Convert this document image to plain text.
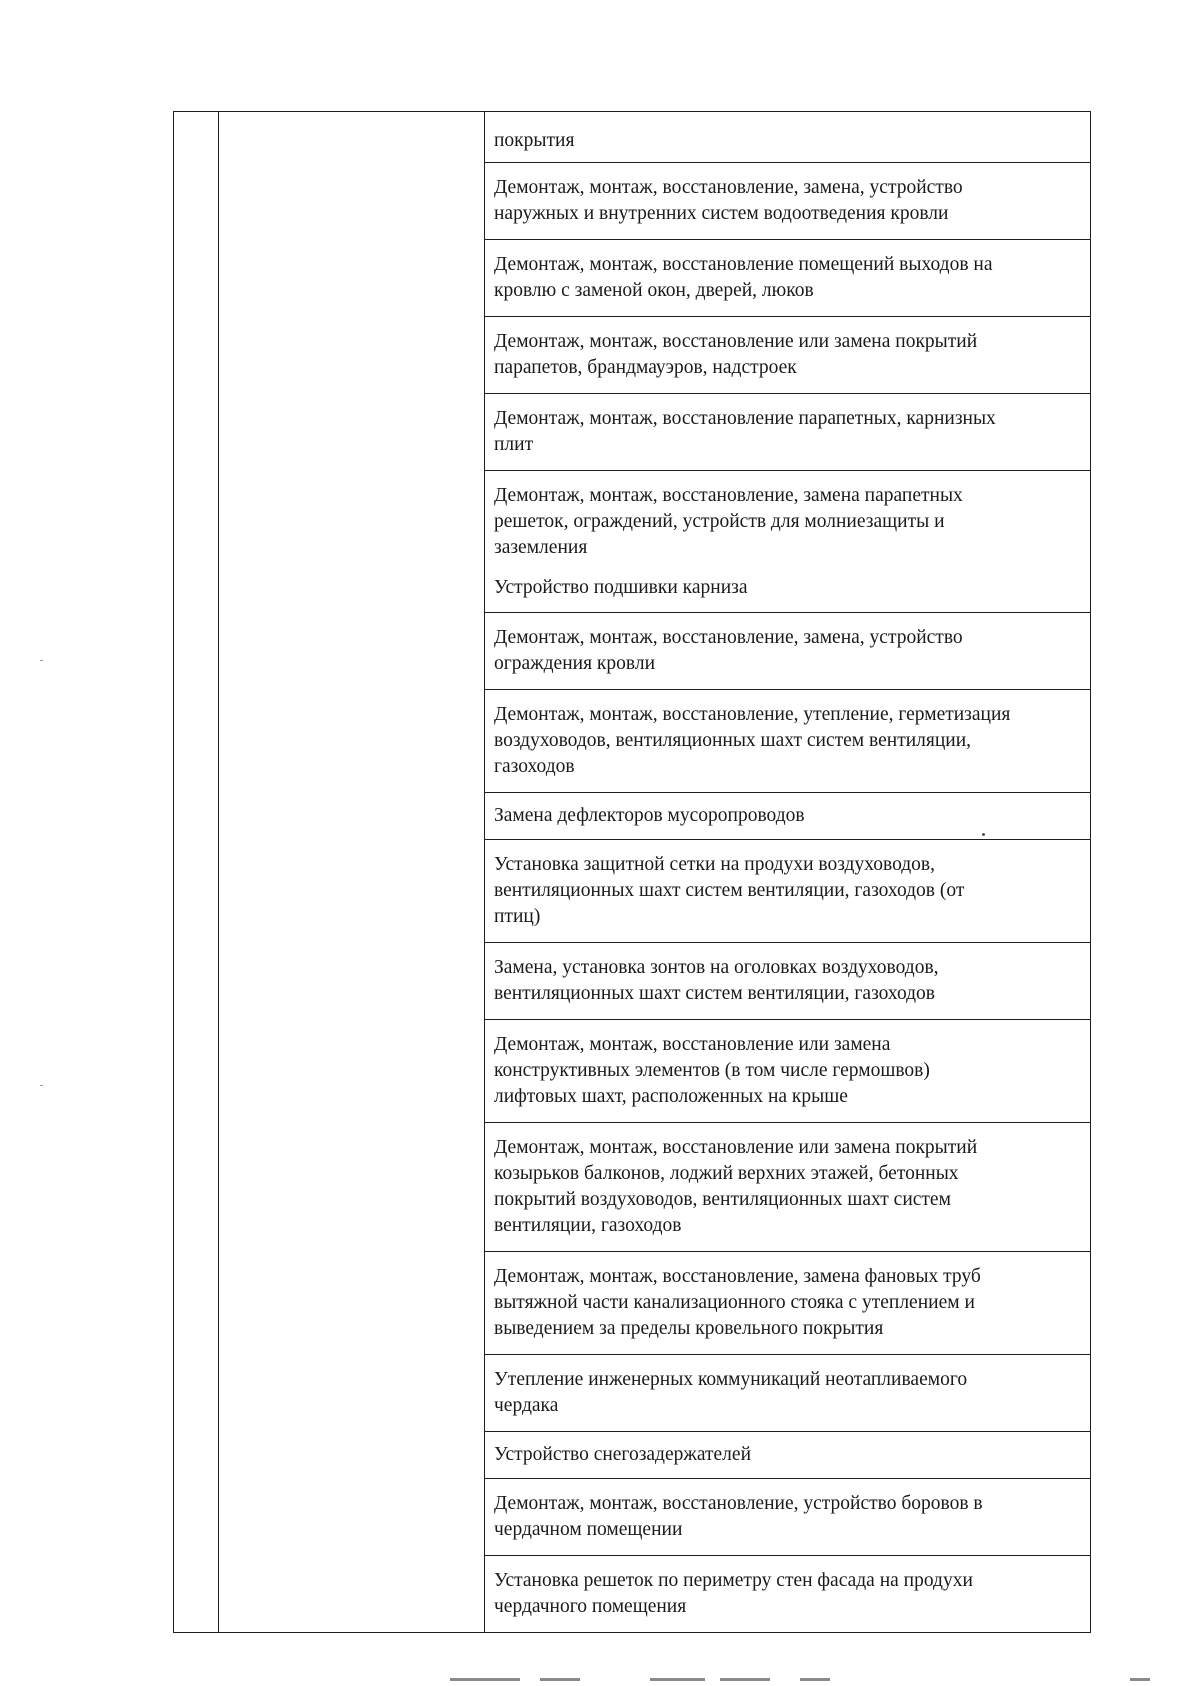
покрытия
Демонтаж, монтаж, восстановление, замена, устройство
наружных и внутренних систем водоотведения кровли
Демонтаж, монтаж, восстановление помещений выходов на
кровлю с заменой окон, дверей, люков
Демонтаж, монтаж, восстановление или замена покрытий
парапетов, брандмауэров, надстроек
Демонтаж, монтаж, восстановление парапетных, карнизных
плит
Демонтаж, монтаж, восстановление, замена парапетных
решеток, ограждений, устройств для молниезащиты и
заземления
Устройство подшивки карниза
Демонтаж, монтаж, восстановление, замена, устройство
ограждения кровли
Демонтаж, монтаж, восстановление, утепление, герметизация
воздуховодов, вентиляционных шахт систем вентиляции,
газоходов
Замена дефлекторов мусоропроводов
Установка защитной сетки на продухи воздуховодов,
вентиляционных шахт систем вентиляции, газоходов (от
птиц)
Замена, установка зонтов на оголовках воздуховодов,
вентиляционных шахт систем вентиляции, газоходов
Демонтаж, монтаж, восстановление или замена
конструктивных элементов (в том числе гермошвов)
лифтовых шахт, расположенных на крыше
Демонтаж, монтаж, восстановление или замена покрытий
козырьков балконов, лоджий верхних этажей, бетонных
покрытий воздуховодов, вентиляционных шахт систем
вентиляции, газоходов
Демонтаж, монтаж, восстановление, замена фановых труб
вытяжной части канализационного стояка с утеплением и
выведением за пределы кровельного покрытия
Утепление инженерных коммуникаций неотапливаемого
чердака
Устройство снегозадержателей
Демонтаж, монтаж, восстановление, устройство боровов в
чердачном помещении
Установка решеток по периметру стен фасада на продухи
чердачного помещения
